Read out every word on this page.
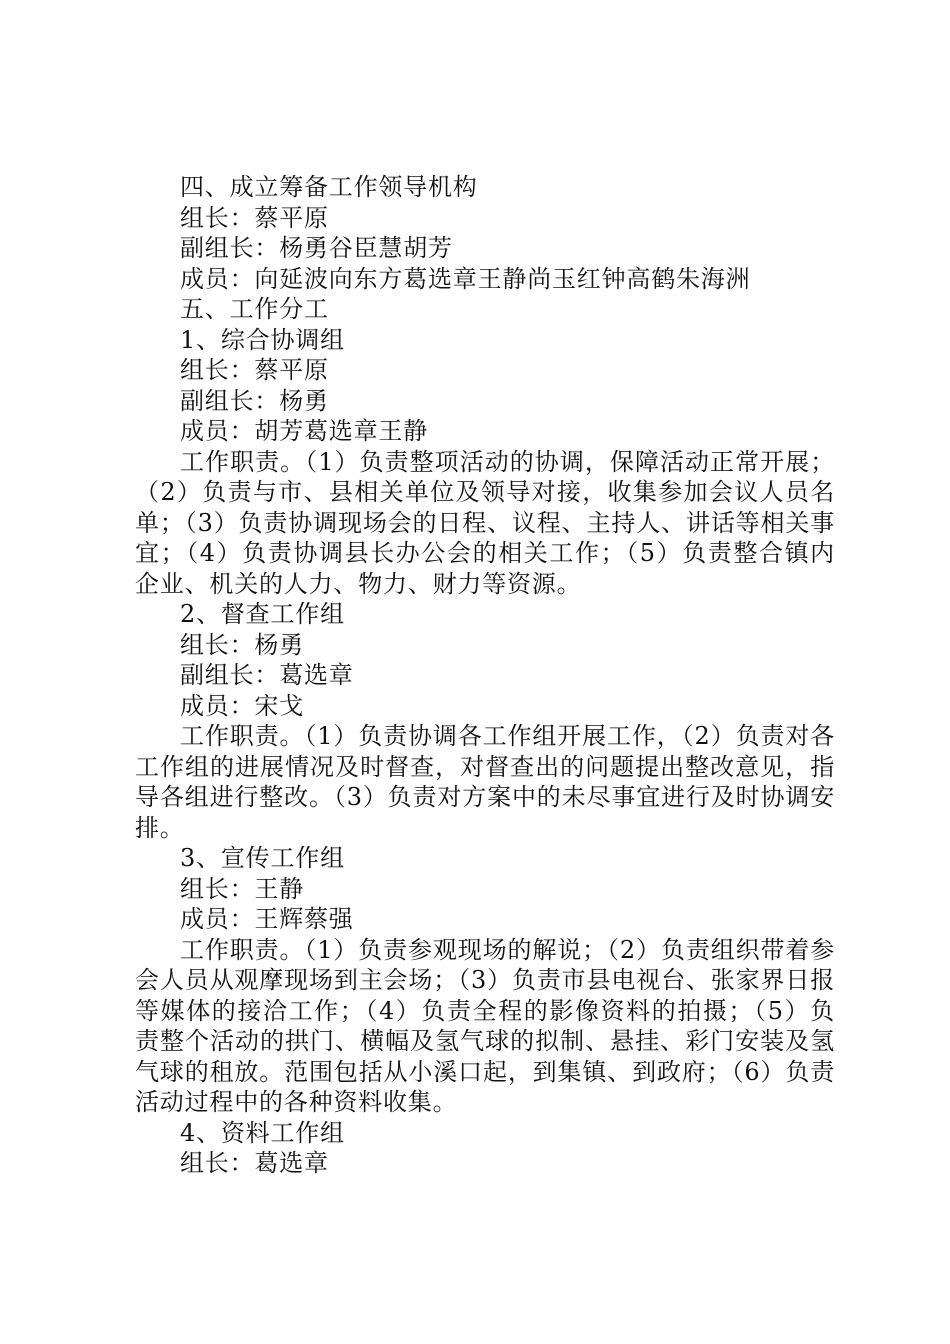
四、成立筹备工作领导机构

组长：蔡平原

副组长：杨勇谷臣慧胡芳

成员：向延波向东方葛选章王静尚玉红钟高鹤朱海洲

五、工作分工

1、综合协调组

组长：蔡平原

副组长：杨勇

成员：胡芳葛选章王静

工作职责。（1）负责整项活动的协调，保障活动正常开展；（2）负责与市、县相关单位及领导对接，收集参加会议人员名单；（3）负责协调现场会的日程、议程、主持人、讲话等相关事宜；（4）负责协调县长办公会的相关工作；（5）负责整合镇内企业、机关的人力、物力、财力等资源。

2、督查工作组

组长：杨勇

副组长：葛选章

成员：宋戈

工作职责。（1）负责协调各工作组开展工作，（2）负责对各工作组的进展情况及时督查，对督查出的问题提出整改意见，指导各组进行整改。（3）负责对方案中的未尽事宜进行及时协调安排。

3、宣传工作组

组长：王静

成员：王辉蔡强

工作职责。（1）负责参观现场的解说；（2）负责组织带着参会人员从观摩现场到主会场；（3）负责市县电视台、张家界日报等媒体的接洽工作；（4）负责全程的影像资料的拍摄；（5）负责整个活动的拱门、横幅及氢气球的拟制、悬挂、彩门安装及氢气球的租放。范围包括从小溪口起，到集镇、到政府；（6）负责活动过程中的各种资料收集。

4、资料工作组

组长：葛选章
